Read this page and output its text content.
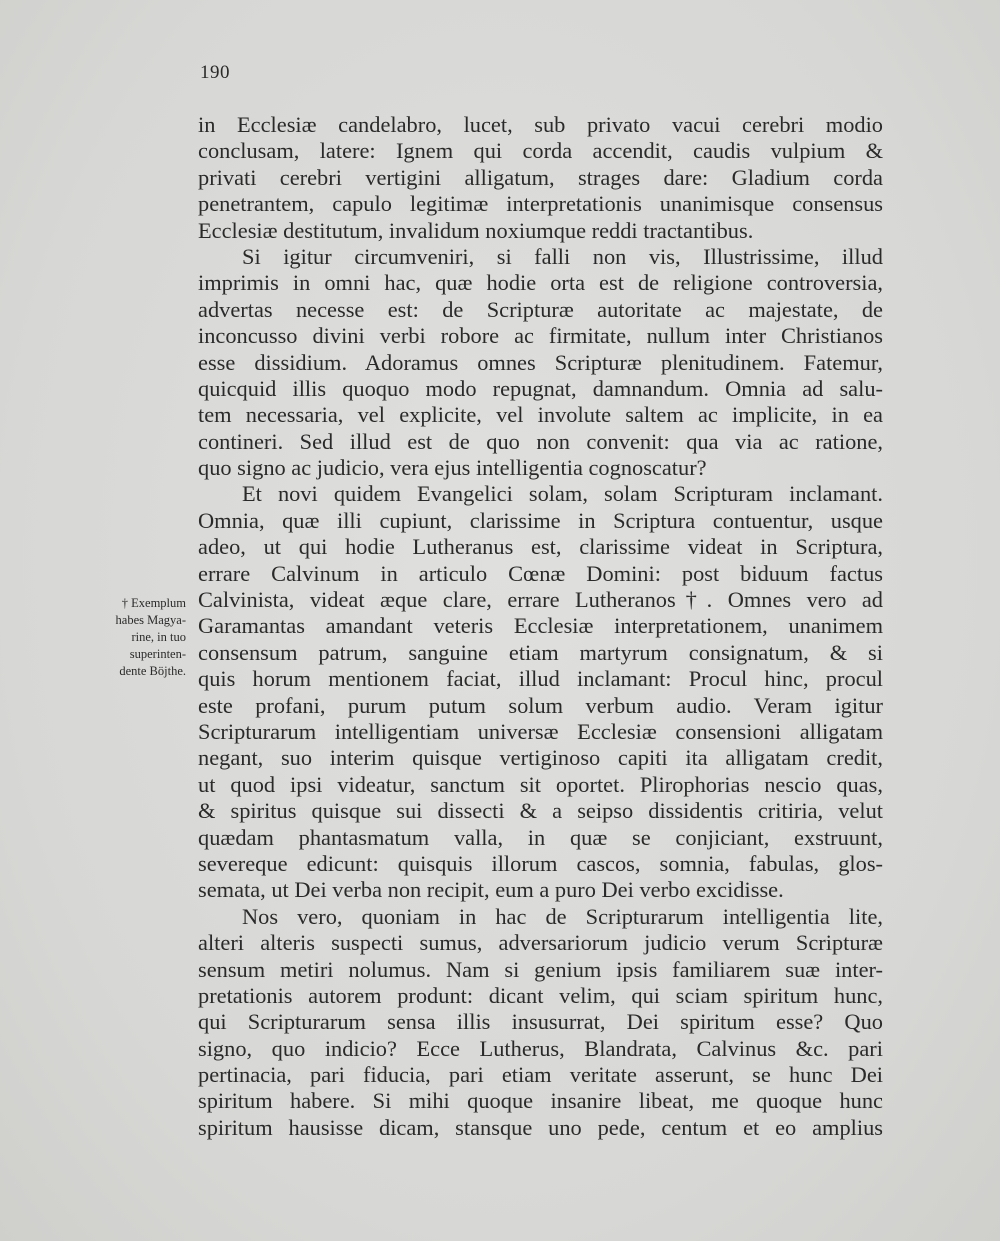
190
in Ecclesiæ candelabro, lucet, sub privato vacui cerebri modio
conclusam, latere: Ignem qui corda accendit, caudis vulpium &
privati cerebri vertigini alligatum, strages dare: Gladium corda
penetrantem, capulo legitimæ interpretationis unanimisque consensus
Ecclesiæ destitutum, invalidum noxiumque reddi tractantibus.
Si igitur circumveniri, si falli non vis, Illustrissime, illud
imprimis in omni hac, quæ hodie orta est de religione controversia,
advertas necesse est: de Scripturæ autoritate ac majestate, de
inconcusso divini verbi robore ac firmitate, nullum inter Christianos
esse dissidium. Adoramus omnes Scripturæ plenitudinem. Fatemur,
quicquid illis quoquo modo repugnat, damnandum. Omnia ad salu-
tem necessaria, vel explicite, vel involute saltem ac implicite, in ea
contineri. Sed illud est de quo non convenit: qua via ac ratione,
quo signo ac judicio, vera ejus intelligentia cognoscatur?
Et novi quidem Evangelici solam, solam Scripturam inclamant.
Omnia, quæ illi cupiunt, clarissime in Scriptura contuentur, usque
adeo, ut qui hodie Lutheranus est, clarissime videat in Scriptura,
errare Calvinum in articulo Cœnæ Domini: post biduum factus
Calvinista, videat æque clare, errare Lutheranos†. Omnes vero ad
Garamantas amandant veteris Ecclesiæ interpretationem, unanimem
consensum patrum, sanguine etiam martyrum consignatum, & si
quis horum mentionem faciat, illud inclamant: Procul hinc, procul
este profani, purum putum solum verbum audio. Veram igitur
Scripturarum intelligentiam universæ Ecclesiæ consensioni alligatam
negant, suo interim quisque vertiginoso capiti ita alligatam credit,
ut quod ipsi videatur, sanctum sit oportet. Plirophorias nescio quas,
& spiritus quisque sui dissecti & a seipso dissidentis critiria, velut
quædam phantasmatum valla, in quæ se conjiciant, exstruunt,
severeque edicunt: quisquis illorum cascos, somnia, fabulas, glos-
semata, ut Dei verba non recipit, eum a puro Dei verbo excidisse.
Nos vero, quoniam in hac de Scripturarum intelligentia lite,
alteri alteris suspecti sumus, adversariorum judicio verum Scripturæ
sensum metiri nolumus. Nam si genium ipsis familiarem suæ inter-
pretationis autorem produnt: dicant velim, qui sciam spiritum hunc,
qui Scripturarum sensa illis insusurrat, Dei spiritum esse? Quo
signo, quo indicio? Ecce Lutherus, Blandrata, Calvinus &c. pari
pertinacia, pari fiducia, pari etiam veritate asserunt, se hunc Dei
spiritum habere. Si mihi quoque insanire libeat, me quoque hunc
spiritum hausisse dicam, stansque uno pede, centum et eo amplius
† Exemplum
habes Magya-
rine, in tuo
superinten-
dente Böjthe.
